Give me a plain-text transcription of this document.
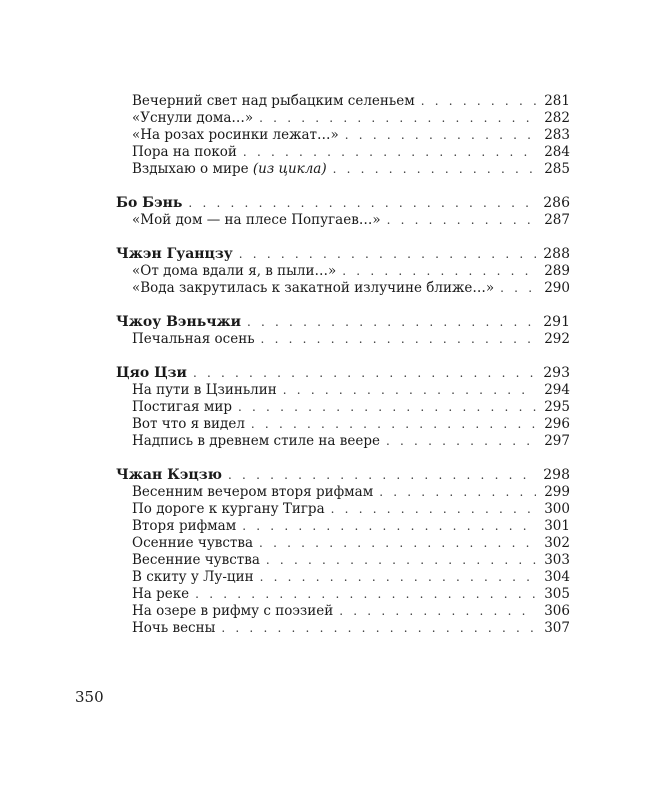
Вечерний свет над рыбацким селеньем . . .	281
«Уснули дома…» . . .	282
«На розах росинки лежат…» . . .	283
Пора на покой . . .	284
Вздыхаю о мире (из цикла) . . .	285
Бо Бэнь . . .	286
«Мой дом — на плесе Попугаев…» . . .	287
Чжэн Гуанцзу . . .	288
«От дома вдали я, в пыли…» . . .	289
«Вода закрутилась к закатной излучине ближе…» . . .	290
Чжоу Вэньчжи . . .	291
Печальная осень . . .	292
Цяо Цзи . . .	293
На пути в Цзиньлин . . .	294
Постигая мир . . .	295
Вот что я видел . . .	296
Надпись в древнем стиле на веере . . .	297
Чжан Кэцзю . . .	298
Весенним вечером вторя рифмам . . .	299
По дороге к кургану Тигра . . .	300
Вторя рифмам . . .	301
Осенние чувства . . .	302
Весенние чувства . . .	303
В скиту у Лу-цин . . .	304
На реке . . .	305
На озере в рифму с поэзией . . .	306
Ночь весны . . .	307
350
